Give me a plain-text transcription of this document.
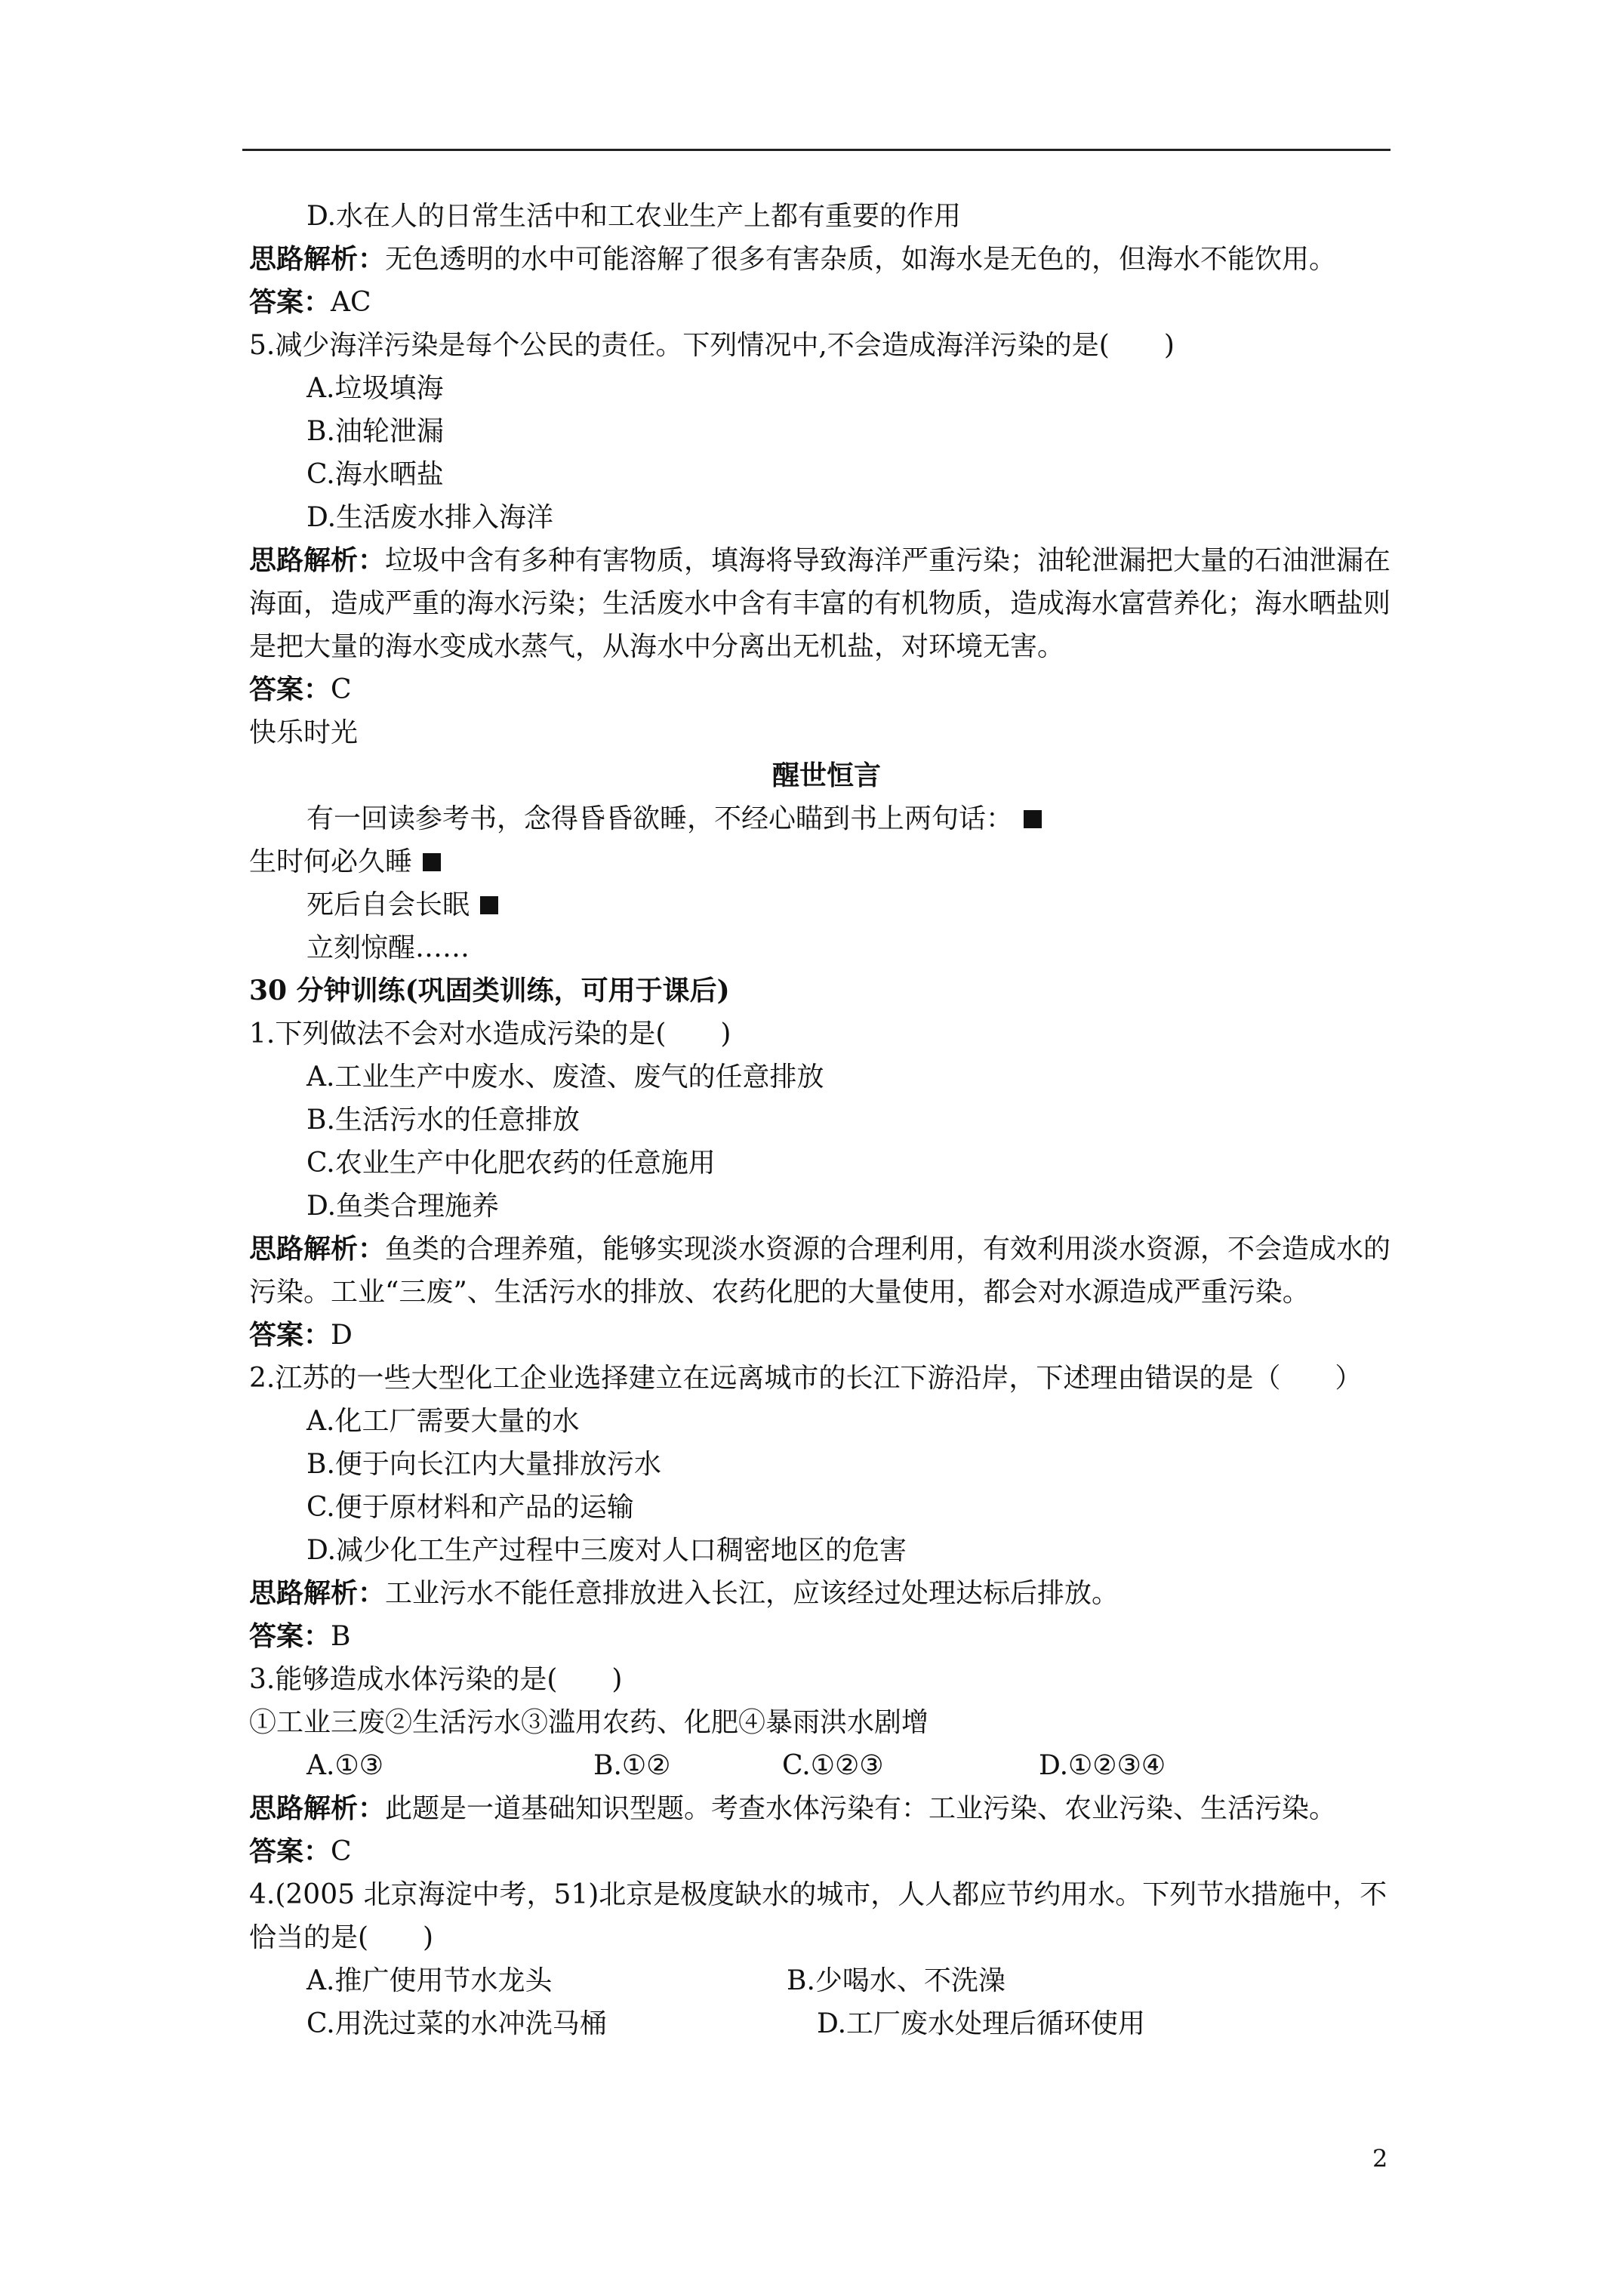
D.水在人的日常生活中和工农业生产上都有重要的作用
思路解析：无色透明的水中可能溶解了很多有害杂质，如海水是无色的，但海水不能饮用。
答案：AC
5.减少海洋污染是每个公民的责任。下列情况中,不会造成海洋污染的是(　　)
A.垃圾填海
B.油轮泄漏
C.海水晒盐
D.生活废水排入海洋
思路解析：垃圾中含有多种有害物质，填海将导致海洋严重污染；油轮泄漏把大量的石油泄漏在海面，造成严重的海水污染；生活废水中含有丰富的有机物质，造成海水富营养化；海水晒盐则是把大量的海水变成水蒸气，从海水中分离出无机盐，对环境无害。
答案：C
快乐时光
醒世恒言
有一回读参考书，念得昏昏欲睡，不经心瞄到书上两句话：
生时何必久睡
死后自会长眠
立刻惊醒……
30 分钟训练(巩固类训练，可用于课后)
1.下列做法不会对水造成污染的是(　　)
A.工业生产中废水、废渣、废气的任意排放
B.生活污水的任意排放
C.农业生产中化肥农药的任意施用
D.鱼类合理施养
思路解析：鱼类的合理养殖，能够实现淡水资源的合理利用，有效利用淡水资源，不会造成水的污染。工业“三废”、生活污水的排放、农药化肥的大量使用，都会对水源造成严重污染。
答案：D
2.江苏的一些大型化工企业选择建立在远离城市的长江下游沿岸，下述理由错误的是（　　）
A.化工厂需要大量的水
B.便于向长江内大量排放污水
C.便于原材料和产品的运输
D.减少化工生产过程中三废对人口稠密地区的危害
思路解析：工业污水不能任意排放进入长江，应该经过处理达标后排放。
答案：B
3.能够造成水体污染的是(　　)
①工业三废②生活污水③滥用农药、化肥④暴雨洪水剧增
A.①③	B.①②	C.①②③	D.①②③④
思路解析：此题是一道基础知识型题。考查水体污染有：工业污染、农业污染、生活污染。
答案：C
4.(2005 北京海淀中考，51)北京是极度缺水的城市，人人都应节约用水。下列节水措施中，不恰当的是(　　)
A.推广使用节水龙头	B.少喝水、不洗澡
C.用洗过菜的水冲洗马桶	D.工厂废水处理后循环使用
2
